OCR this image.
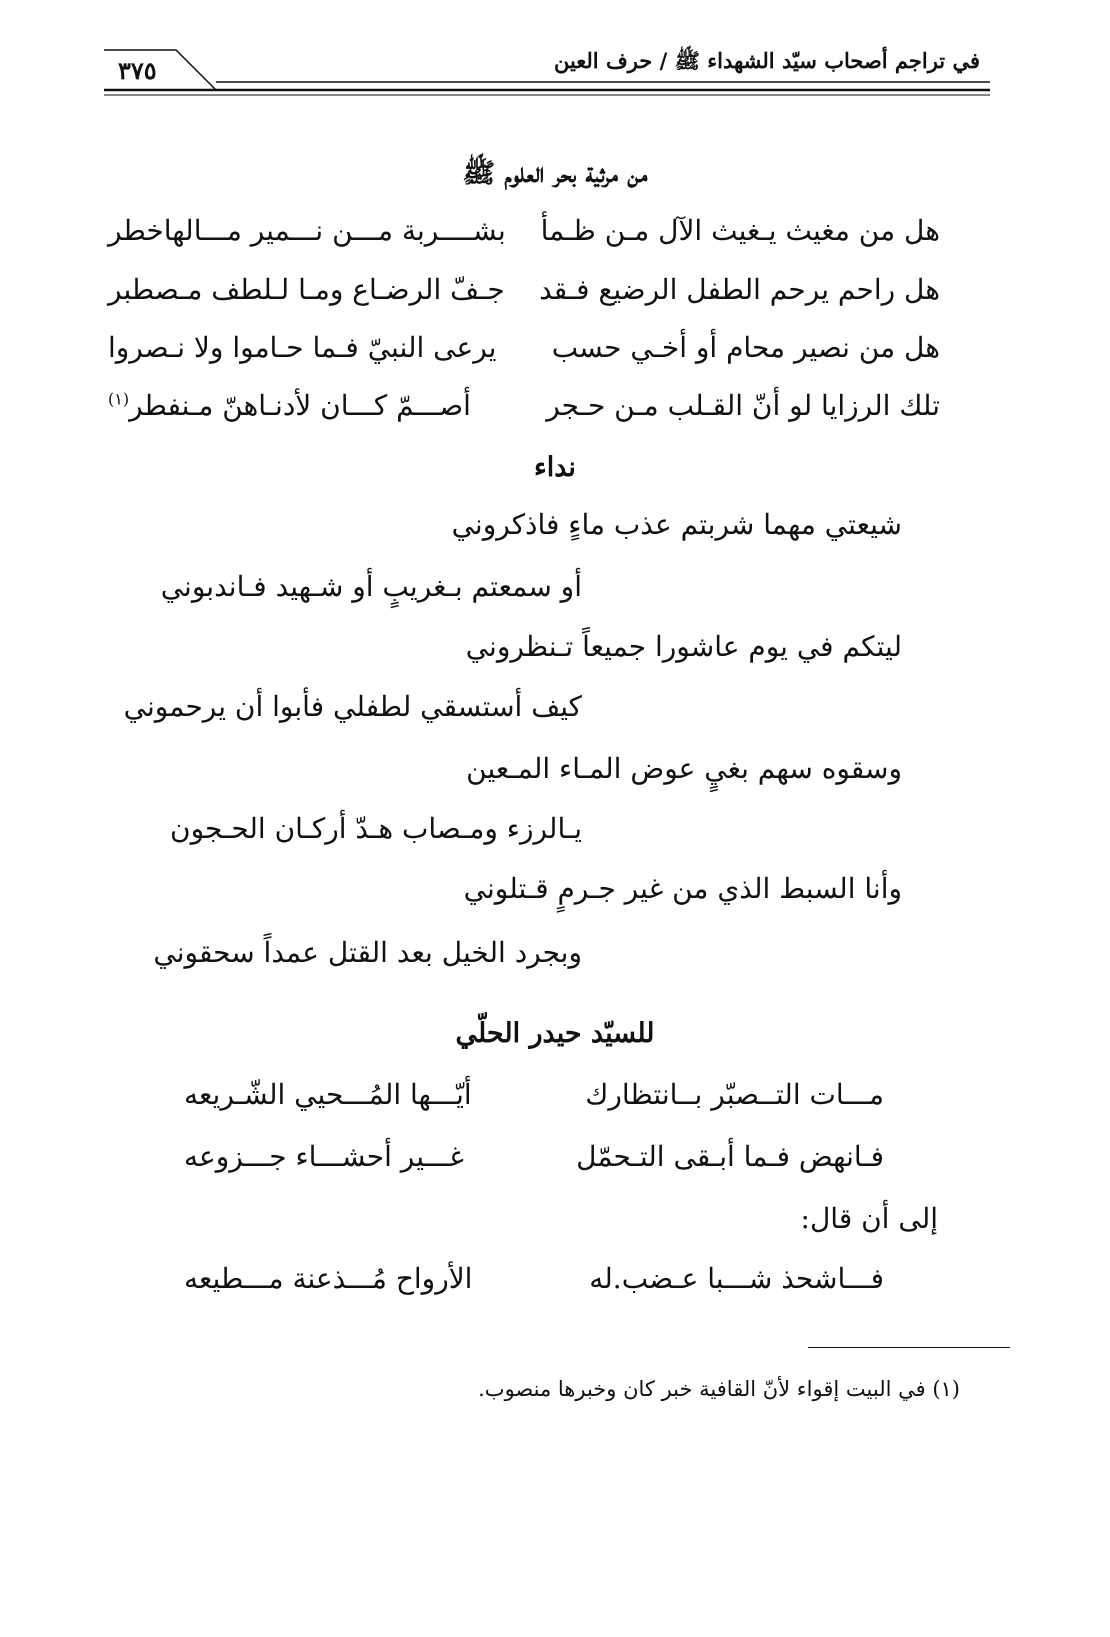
في تراجم أصحاب سيّد الشهداء ﷺ / حرف العين
٣٧٥
من مرثية بحر العلوم ﷺ
هل من مغيث يـغيث الآل مـن ظـمأ
بشــــربة مـــن نـــمير مـــالهاخطر
هل راحم يرحم الطفل الرضيع فـقد
جـفّ الرضـاع ومـا لـلطف مـصطبر
هل من نصير محام أو أخـي حسب
يرعى النبيّ فـما حـاموا ولا نـصروا
تلك الرزايا لو أنّ القـلب مـن حـجر
أصـــمّ كـــان لأدنـاهنّ مـنفطر$^{(١)}$
نداء
شيعتي مهما شربتم عذب ماءٍ فاذكروني
أو سمعتم بـغريبٍ أو شـهيد فـاندبوني
ليتكم في يوم عاشورا جميعاً تـنظروني
كيف أستسقي لطفلي فأبوا أن يرحموني
وسقوه سهم بغيٍ عوض المـاء المـعين
يـالرزء ومـصاب هـدّ أركـان الحـجون
وأنا السبط الذي من غير جـرمٍ قـتلوني
وبجرد الخيل بعد القتل عمداً سحقوني
للسيّد حيدر الحلّي
مـــات التــصبّر بــانتظارك
أيّـــها المُـــحيي الشّـريعه
فـانهض فـما أبـقى التـحمّل
غـــير أحشـــاء جـــزوعه
إلى أن قال:
فـــاشحذ شـــبا عـضب.له
الأرواح مُـــذعنة مـــطيعه
(١) في البيت إقواء لأنّ القافية خبر كان وخبرها منصوب.
